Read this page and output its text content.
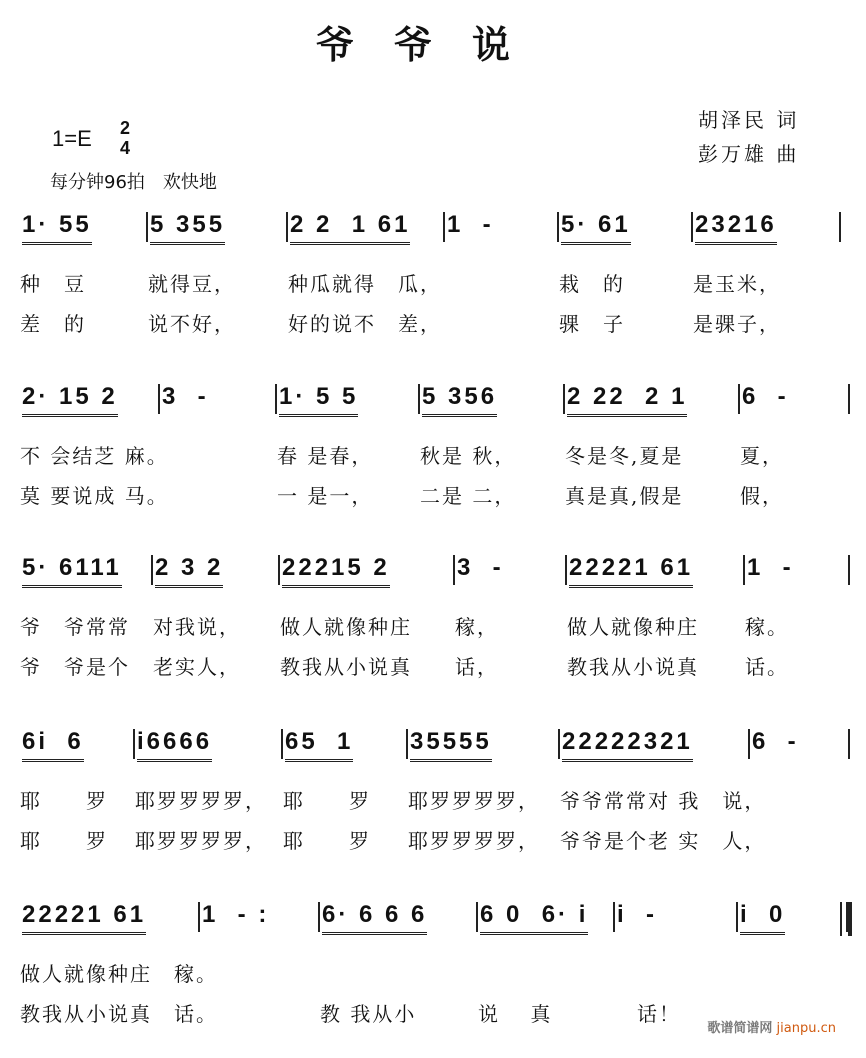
爷爷说
胡泽民 词
彭万雄 曲
1=E 2
4
每分钟96拍　欢快地
1· 55
种　豆
差　的
5 355
就得豆，
说不好，
2 2  1 61
种瓜就得　瓜，
好的说不　差，
1  -	5· 61
栽　的
骒　子
23216
是玉米，
是骒子，
2· 15 2
不 会结芝 麻。
莫 要说成 马。
3  -	1· 5 5
春 是春，
一 是一，
5 356
秋是 秋，
二是 二，
2 22  2 1
冬是冬,夏是
真是真,假是
6  -
夏，
假，
5· 6111
爷　爷常常
爷　爷是个
2 3 2
对我说，
老实人，
22215 2
做人就像种庄
教我从小说真
3  -
稼，
话，
22221 61
做人就像种庄
教我从小说真
1  -
稼。
话。
6i  6
耶　　罗
耶　　罗
i6666
耶罗罗罗罗，
耶罗罗罗罗，
65  1
耶　　罗
耶　　罗
35555
耶罗罗罗罗，
耶罗罗罗罗，
22222321
爷爷常常对 我　说，
爷爷是个老 实　人，
6  -
22221 61
做人就像种庄　稼。
教我从小说真　话。
1  - : 6· 6 6 6
教 我从小
6 0  6· i
说　 真
i  -
　话！
i  0
歌谱简谱网 jianpu.cn
